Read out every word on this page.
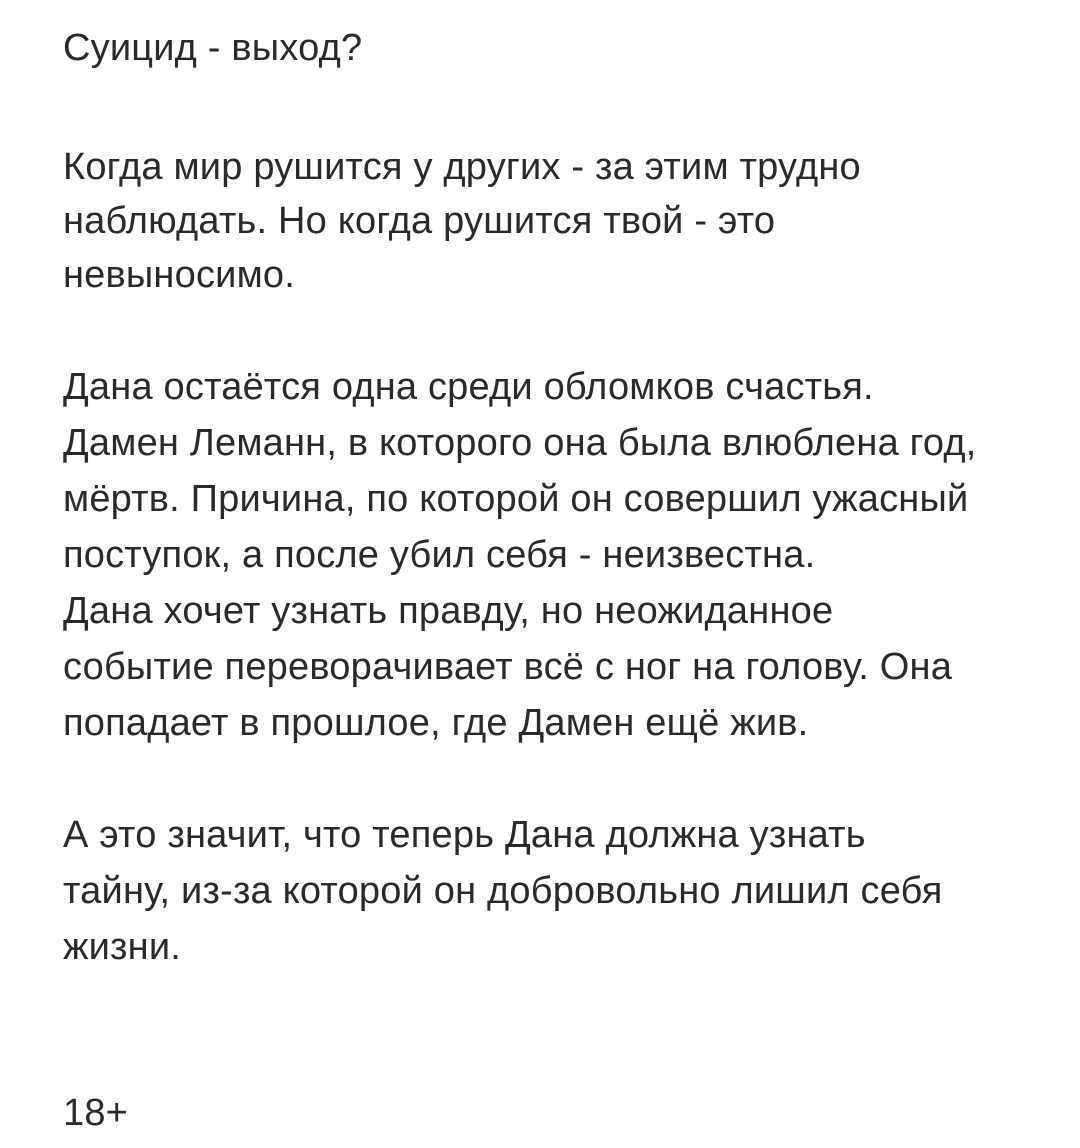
Суицид - выход?
Когда мир рушится у других - за этим трудно
наблюдать. Но когда рушится твой - это
невыносимо.
Дана остаётся одна среди обломков счастья.
Дамен Леманн, в которого она была влюблена год,
мёртв. Причина, по которой он совершил ужасный
поступок, а после убил себя - неизвестна.
Дана хочет узнать правду, но неожиданное
событие переворачивает всё с ног на голову. Она
попадает в прошлое, где Дамен ещё жив.
А это значит, что теперь Дана должна узнать
тайну, из-за которой он добровольно лишил себя
жизни.
18+
